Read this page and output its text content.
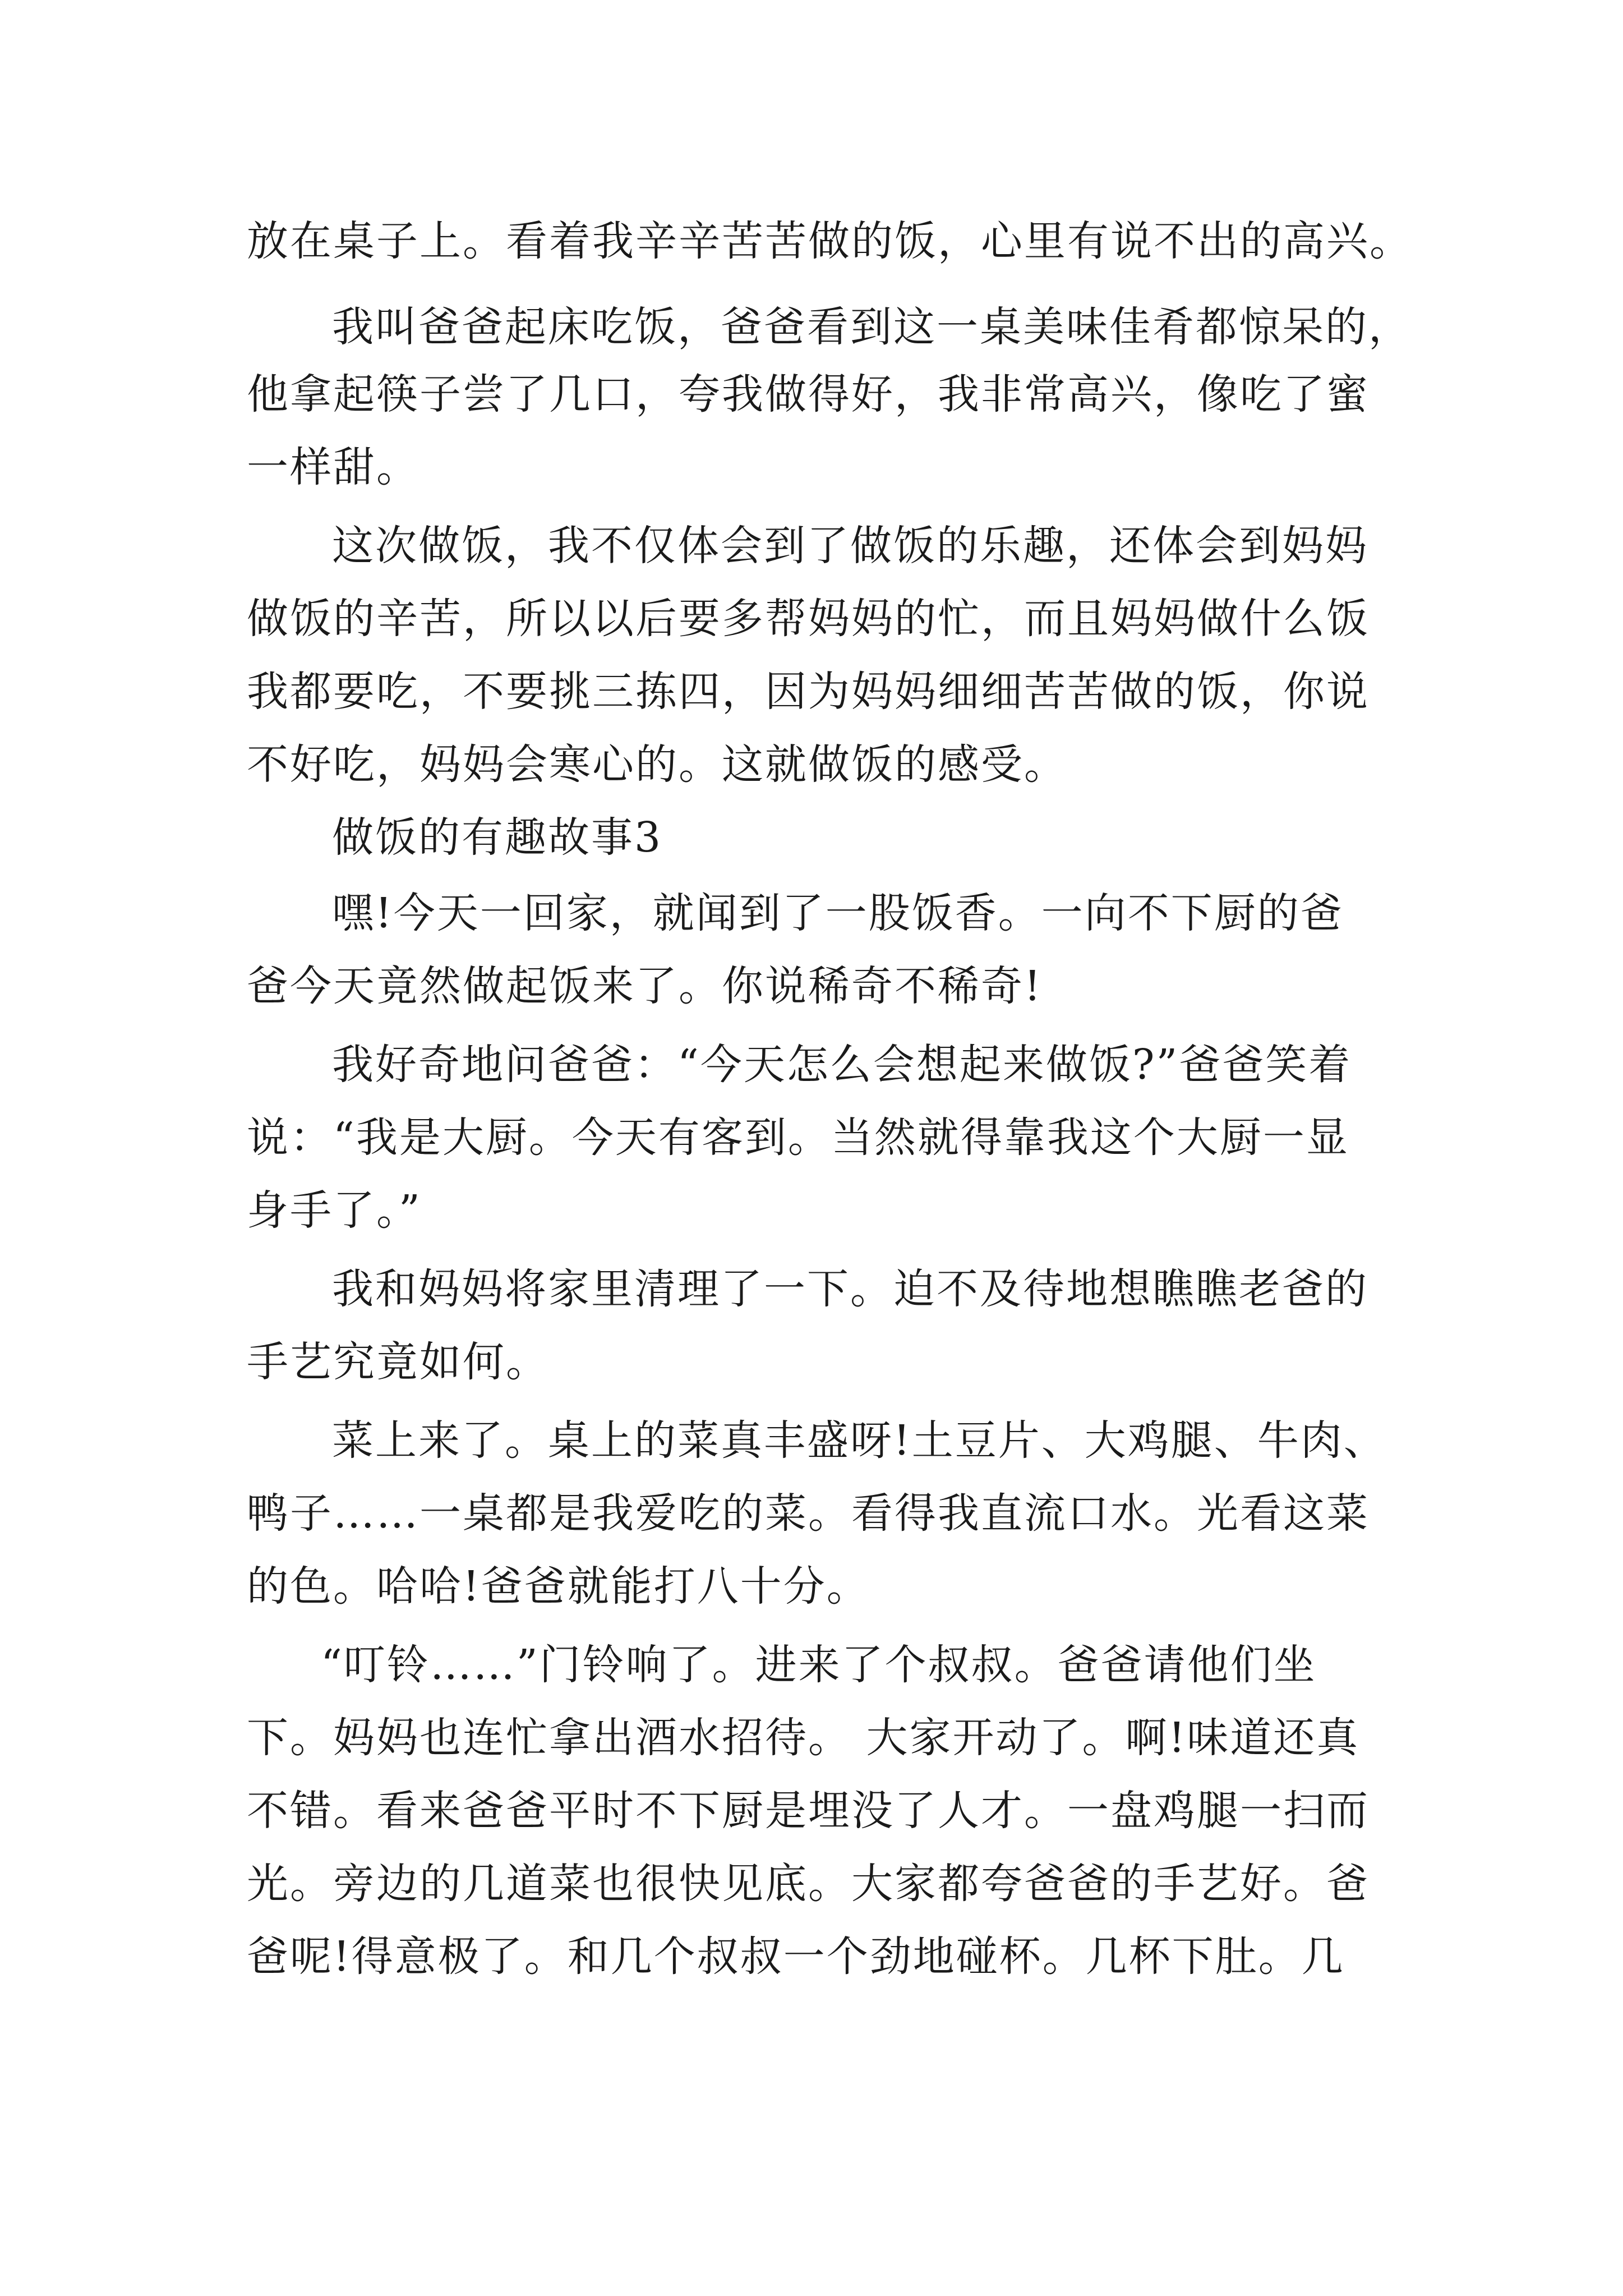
放在桌子上。看着我辛辛苦苦做的饭，心里有说不出的高兴。
我叫爸爸起床吃饭，爸爸看到这一桌美味佳肴都惊呆的，
他拿起筷子尝了几口，夸我做得好，我非常高兴，像吃了蜜
一样甜。
这次做饭，我不仅体会到了做饭的乐趣，还体会到妈妈
做饭的辛苦，所以以后要多帮妈妈的忙，而且妈妈做什么饭
我都要吃，不要挑三拣四，因为妈妈细细苦苦做的饭，你说
不好吃，妈妈会寒心的。这就做饭的感受。
做饭的有趣故事3
嘿!今天一回家，就闻到了一股饭香。一向不下厨的爸
爸今天竟然做起饭来了。你说稀奇不稀奇!
我好奇地问爸爸：“今天怎么会想起来做饭?”爸爸笑着
说：“我是大厨。今天有客到。当然就得靠我这个大厨一显
身手了。”
我和妈妈将家里清理了一下。迫不及待地想瞧瞧老爸的
手艺究竟如何。
菜上来了。桌上的菜真丰盛呀!土豆片、大鸡腿、牛肉、
鸭子……一桌都是我爱吃的菜。看得我直流口水。光看这菜
的色。哈哈!爸爸就能打八十分。
“叮铃……”门铃响了。进来了个叔叔。爸爸请他们坐
下。妈妈也连忙拿出酒水招待。 大家开动了。啊!味道还真
不错。看来爸爸平时不下厨是埋没了人才。一盘鸡腿一扫而
光。旁边的几道菜也很快见底。大家都夸爸爸的手艺好。爸
爸呢!得意极了。和几个叔叔一个劲地碰杯。几杯下肚。几
